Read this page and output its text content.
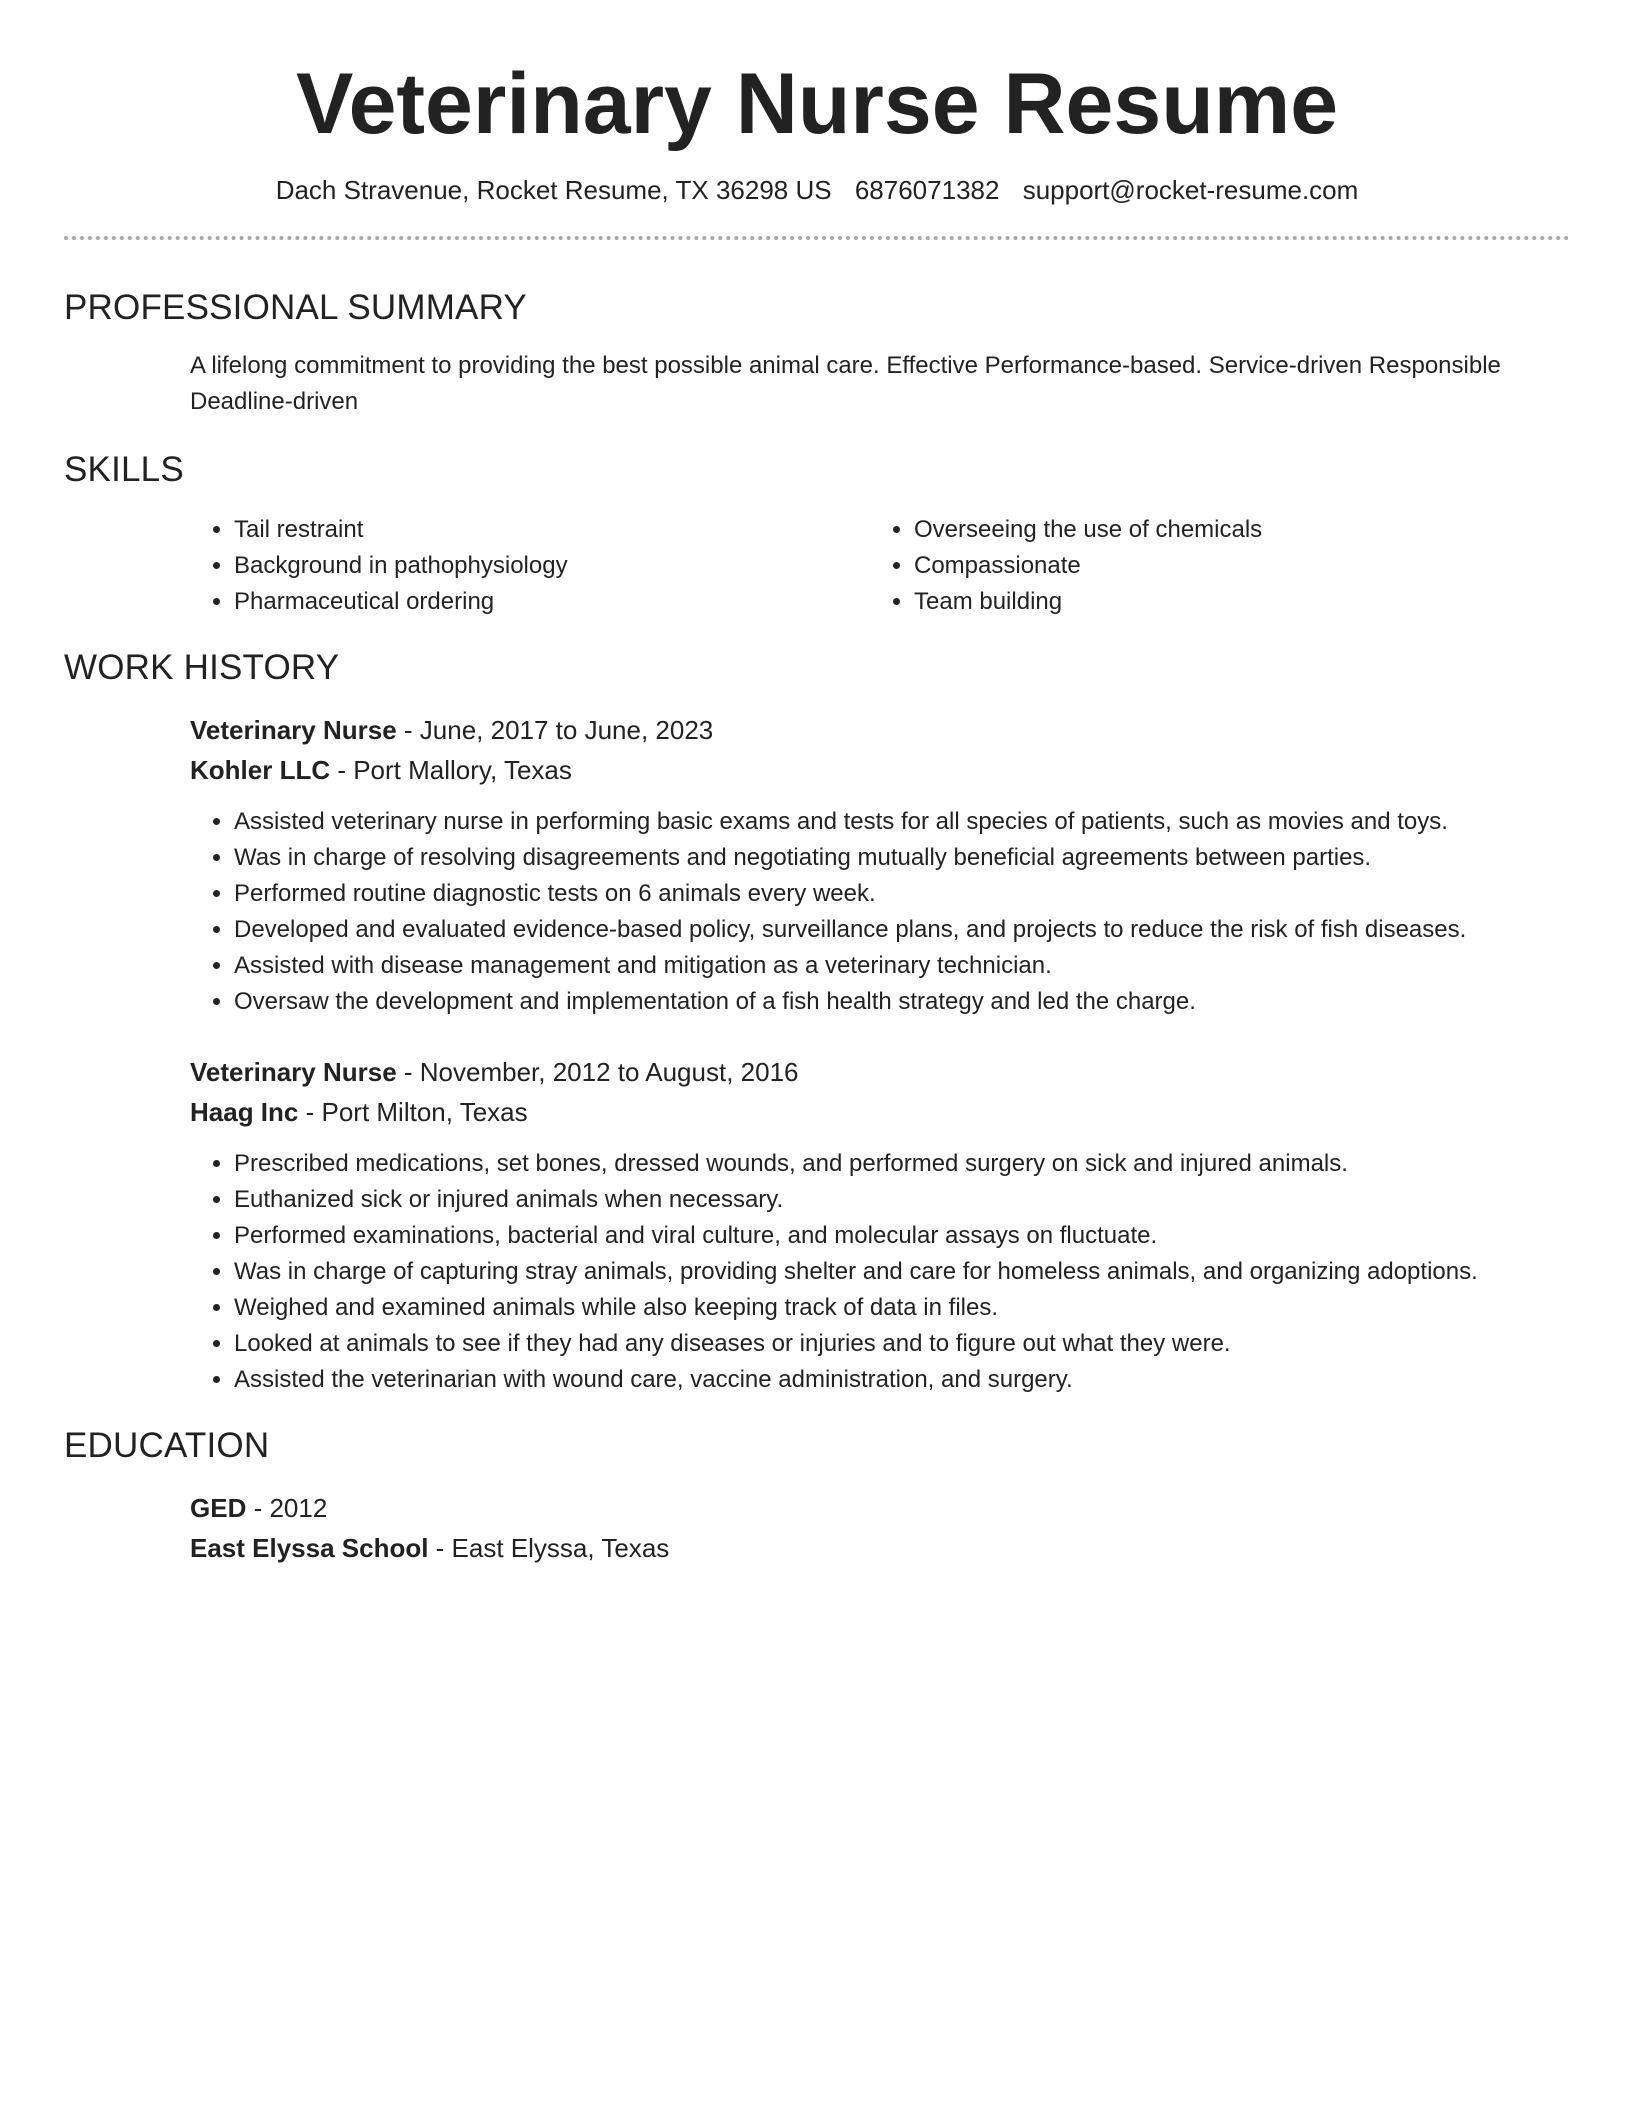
Veterinary Nurse Resume
Dach Stravenue, Rocket Resume, TX 36298 US 6876071382 support@rocket-resume.com
PROFESSIONAL SUMMARY

A lifelong commitment to providing the best possible animal care. Effective Performance-based. Service-driven Responsible Deadline-driven

SKILLS
• Tail restraint
• Background in pathophysiology
• Pharmaceutical ordering
• Overseeing the use of chemicals
• Compassionate
• Team building
WORK HISTORY
Veterinary Nurse - June, 2017 to June, 2023
Kohler LLC - Port Mallory, Texas
• Assisted veterinary nurse in performing basic exams and tests for all species of patients, such as movies and toys.
• Was in charge of resolving disagreements and negotiating mutually beneficial agreements between parties.
• Performed routine diagnostic tests on 6 animals every week.
• Developed and evaluated evidence-based policy, surveillance plans, and projects to reduce the risk of fish diseases.
• Assisted with disease management and mitigation as a veterinary technician.
• Oversaw the development and implementation of a fish health strategy and led the charge.
Veterinary Nurse - November, 2012 to August, 2016
Haag Inc - Port Milton, Texas
• Prescribed medications, set bones, dressed wounds, and performed surgery on sick and injured animals.
• Euthanized sick or injured animals when necessary.
• Performed examinations, bacterial and viral culture, and molecular assays on fluctuate.
• Was in charge of capturing stray animals, providing shelter and care for homeless animals, and organizing adoptions.
• Weighed and examined animals while also keeping track of data in files.
• Looked at animals to see if they had any diseases or injuries and to figure out what they were.
• Assisted the veterinarian with wound care, vaccine administration, and surgery.
EDUCATION
GED - 2012
East Elyssa School - East Elyssa, Texas
